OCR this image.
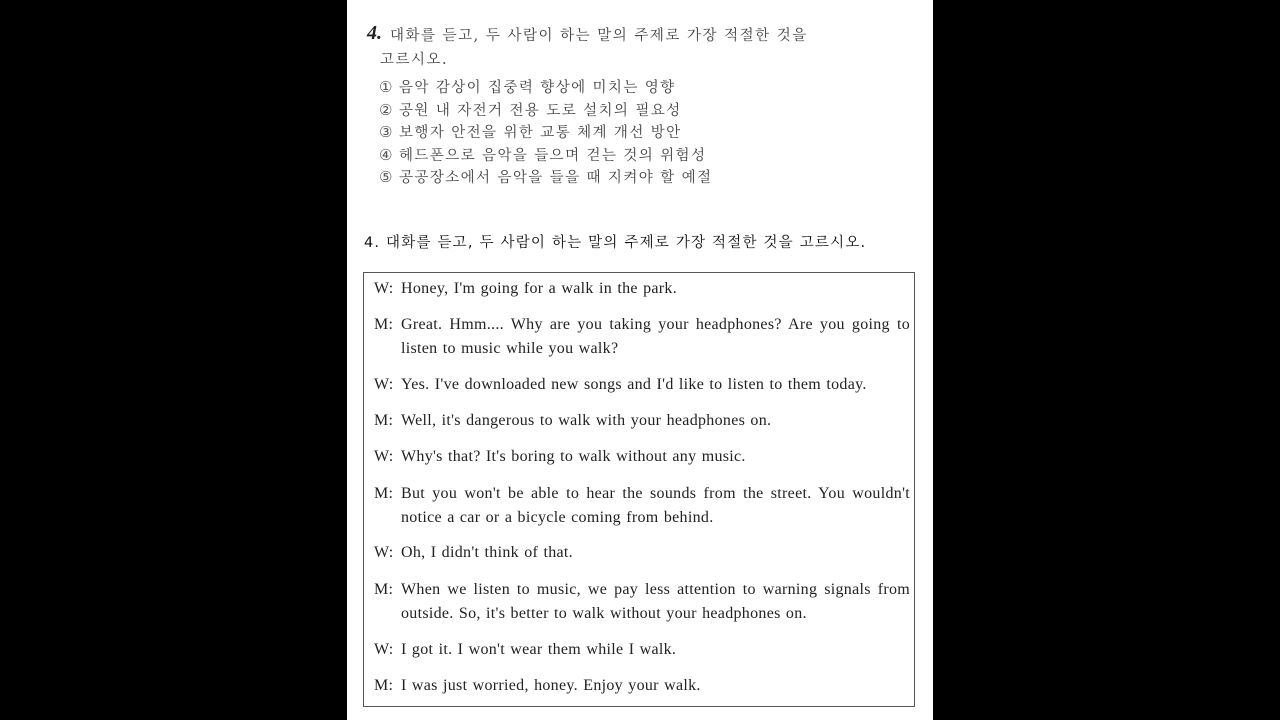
4. 대화를 듣고, 두 사람이 하는 말의 주제로 가장 적절한 것을
고르시오.
① 음악 감상이 집중력 향상에 미치는 영향
② 공원 내 자전거 전용 도로 설치의 필요성
③ 보행자 안전을 위한 교통 체계 개선 방안
④ 헤드폰으로 음악을 들으며 걷는 것의 위험성
⑤ 공공장소에서 음악을 들을 때 지켜야 할 예절
4. 대화를 듣고, 두 사람이 하는 말의 주제로 가장 적절한 것을 고르시오.
W: Honey, I'm going for a walk in the park.
M: Great. Hmm.... Why are you taking your headphones? Are you going to listen to music while you walk?
W: Yes. I've downloaded new songs and I'd like to listen to them today.
M: Well, it's dangerous to walk with your headphones on.
W: Why's that? It's boring to walk without any music.
M: But you won't be able to hear the sounds from the street. You wouldn't notice a car or a bicycle coming from behind.
W: Oh, I didn't think of that.
M: When we listen to music, we pay less attention to warning signals from outside. So, it's better to walk without your headphones on.
W: I got it. I won't wear them while I walk.
M: I was just worried, honey. Enjoy your walk.
